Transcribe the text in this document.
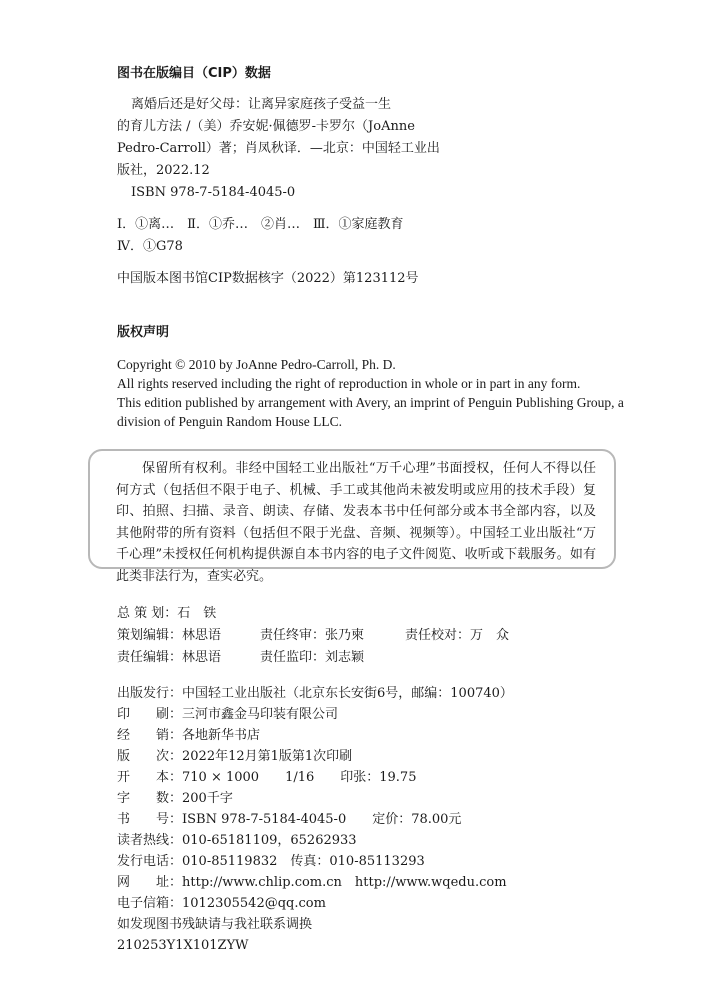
图书在版编目（CIP）数据
离婚后还是好父母：让离异家庭孩子受益一生
的育儿方法 /（美）乔安妮·佩德罗-卡罗尔（JoAnne
Pedro-Carroll）著；肖凤秋译．—北京：中国轻工业出
版社，2022.12
ISBN 978-7-5184-4045-0
Ⅰ．①离…　Ⅱ．①乔…　②肖…　Ⅲ．①家庭教育
Ⅳ．①G78
中国版本图书馆CIP数据核字（2022）第123112号
版权声明
Copyright © 2010 by JoAnne Pedro-Carroll, Ph. D.
All rights reserved including the right of reproduction in whole or in part in any form.
This edition published by arrangement with Avery, an imprint of Penguin Publishing Group, a
division of Penguin Random House LLC.
保留所有权利。非经中国轻工业出版社“万千心理”书面授权，任何人不得以任何方式（包括但不限于电子、机械、手工或其他尚未被发明或应用的技术手段）复印、拍照、扫描、录音、朗读、存储、发表本书中任何部分或本书全部内容，以及其他附带的所有资料（包括但不限于光盘、音频、视频等）。中国轻工业出版社“万千心理”未授权任何机构提供源自本书内容的电子文件阅览、收听或下载服务。如有此类非法行为，查实必究。
总 策 划：石　铁
策划编辑：林思语	责任终审：张乃柬	责任校对：万　众
责任编辑：林思语	责任监印：刘志颖
出版发行：中国轻工业出版社（北京东长安街6号，邮编：100740）
印　　刷：三河市鑫金马印装有限公司
经　　销：各地新华书店
版　　次：2022年12月第1版第1次印刷
开　　本：710 × 1000　　1/16　　印张：19.75
字　　数：200千字
书　　号：ISBN 978-7-5184-4045-0　　定价：78.00元
读者热线：010-65181109，65262933
发行电话：010-85119832　传真：010-85113293
网　　址：http://www.chlip.com.cn　http://www.wqedu.com
电子信箱：1012305542@qq.com
如发现图书残缺请与我社联系调换
210253Y1X101ZYW
